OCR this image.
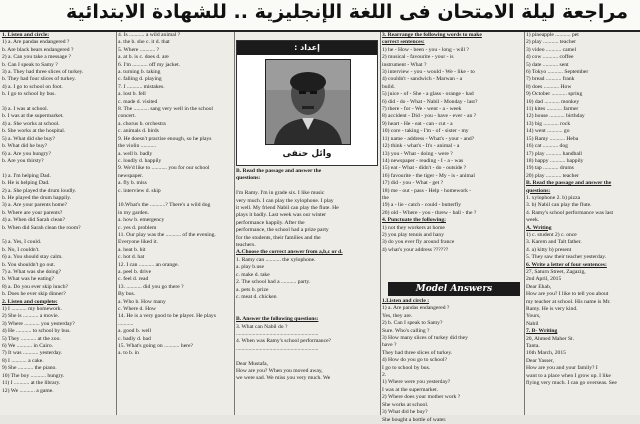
مراجعة ليلة الامتحان فى اللغة الإنجليزية .. للشهادة الابتدائية
1. Listen and circle:
1) a. Are pandas endangered ?
b. Are black bears endangered ?
2) a. Can you take a message ?
b. Can I speak to Samy ?
3) a. They had three slices of turkey.
b. They had four slices of turkey.
4) a. I go to school on foot.
b. I go to school by bus.

3) a. I was at school.
b. I was at the supermarket.
4) a. She works at school.
b. She works at the hospital.
5) a. What did she buy?
b. What did he buy?
6) a. Are you hungry?
b. Are you thirsty?

1) a. I'm helping Dad.
b. He is helping Dad.
2) a. She played the drum loudly.
b. He played the drum happily.
3) a. Are your parents home?
b. Where are your parents?
4) a. When did Sarah clean?
b. When did Sarah clean the room?

5) a. Yes, I could.
b. No, I couldn't.
6) a. You should stay calm.
b. You shouldn't go out.
7) a. What was she doing?
b. What was he eating?
8) a. Do you ever skip lunch?
b. Does he ever skip dinner?
2. Listen and complete:
1) I ........... my homework.
2) She is ........... a movie.
3) Where ........... you yesterday?
4) He ........... to school by bus.
5) They ........... at the zoo.
6) We ........... in Cairo.
7) It was ........... yesterday.
8) I ........... a cake.
9) She ........... the piano.
10) The boy ........... hungry.
11) I ........... at the library.
12) We ........... a game.
4. Is ........... a wild animal ?
a. the b. she c. it d. that
5. Where ........... ?
a. at b. is c. does d. are
6. I'm ........... off my jacket.
a. turning b. taking
c. falling d. playing
7. I ........... mistakes.
a. lost b. fell
c. made d. visited
8. The ........... sang very well in the school
concert.
a. chorus b. orchestra
c. animals d. birds
9. He doesn't practise enough, so he plays
the violin ...........
a. well b. badly
c. loudly d. happily
9. We'd like to ........... you for our school
newspaper.
a. fly b. miss
c. interview d. skip

10.What's the ...........? There's a wild dog
in my garden.
a. how b. emergency
c. yes d. problem
11. Our play was the ........... of the evening.
Everyone liked it.
a. heat b. hit
c. hot d. hat
12. I can ........... an orange.
a. peel b. drive
c. feel d. read
13. ........... did you go there ?
By bus.
a. Who b. How many
c. Where d. How
14. He is a very good to be player. He plays
...........
a. good b. well
c. badly d. bad
15. What's going on ........... here?
a. to b. in
إعداد :
وائل حنفى
B. Read the passage and answer the
questions:

I'm Ramy. I'm in grade six. I like music
very much. I can play the xylophone. I play
it well. My friend Nabil can play the flute. He
plays it badly. Last week was our winter
performance happily. After the
performance, the school had a prize party
for the students, their families and the
teachers.
A.Choose the correct answer from a,b,c or d.
1. Ramy can ........... the xylophone.
a. play b.use
c. make d. take
2. The school had a ........... party.
a. pets b. prize
c. meat d. chicken

B. Answer the following questions:
3. What can Nabil do ?
...........................................................
4. When was Ramy's school performance?
...........................................................

Dear Mustafa,
How are you? When you moved away,
we were sad. We miss you very much. We
3. Rearrange the following words to make
correct sentences:
1) he - How - been - you - long - will ?
2) musical - favourite - your - is
instrument - What ?
3) interview - you - would - We - like - to
4) couldn't - sandwich - Marwan - a
build.
5) juice - of - She - a glass - orange - had
6) did - do - What - Nabil - Monday - last?
7) there - for - We - went - a - week
8) accident - Did - you - have - ever - an ?
9) heart - He - eat - can - cut - a
10) core - taking - I'm - of - sister - my
11) name - address - What's - your - and?
12) think - what's - It's - animal - a
13) you - What - doing - were ?
14) newspaper - reading - I - a - was
15) eat - What - didn't - do - outside ?
16) favourite - the tiger - My - is - animal
17) did - you - What - get ?
18) me - out - pass - Help - homework -
the
19) a - lie - catch - could - butterfly
20) old - Where - you - threw - ball - the ?
4. Punctuate the following:
1) not they workers at home
2) you play tennis and hany
3) do you ever fly around france
4) what's your address ??????
Model Answers
1.Listen and circle :
1) a. Are pandas endangered ?
Yes, they are.
2) b. Can I speak to Samy?
Sure. Who's calling ?
3) How many slices of turkey did they
have ?
They had three slices of turkey.
4) How do you go to school?
I go to school by bus.
2.
1) Where were you yesterday?
I was at the supermarket.
2) Where does your mother work ?
She works at school.
3) What did he buy?
She bought a bottle of water.
1) pineapple ........... pet
2) play ........... teacher
3) video ........... camel
4) cow ........... coffee
5) date ........... sent
6) Tokyo ........... September
7) bread ........... frank
8) does ........... How
9) October ........... spring
10) dad ........... monkey
11) kites ........... farmer
12) house ........... birthday
13) big ........... rock
14) went ........... go
15) Ramy ........... Heba
16) cat ........... dog
17) play ........... handball
18) happy ........... happily
19) tap ........... drums
20) play ........... teacher
B. Read the passage and answer the
questions:
1. xylophone 2. b) pizza
3. b) Nabil can play the flute.
4. Ramy's school performance was last
week.
A. Writing
1) c. student 2) c. once
3. Karem and Talt father.
4. a) kitty b) present
5. They saw their teacher yesterday.
6. Write a letter of four sentences:
27, Saturn Street, Zagazig,
2nd April, 2015
Dear Ehab,
How are you? I like to tell you about
my teacher at school. His name is Mr.
Ramy. He is very kind.
Yours,
Nabil
7. B- Writing
20, Ahmed Maher St.
Tanta.
16th March, 2015
Dear Yasser,
How are you and your family? I
want to a place when I grow up. I like
flying very much. I can go overseas. See
